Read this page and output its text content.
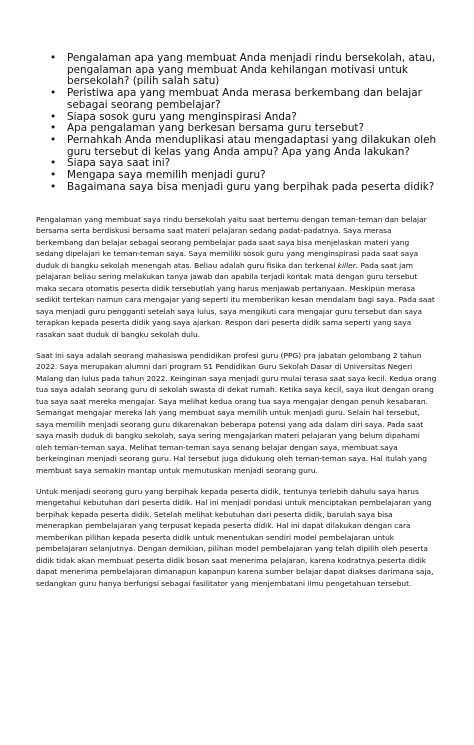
• Pengalaman apa yang membuat Anda menjadi rindu bersekolah, atau, pengalaman apa yang membuat Anda kehilangan motivasi untuk bersekolah? (pilih salah satu)
• Peristiwa apa yang membuat Anda merasa berkembang dan belajar sebagai seorang pembelajar?
• Siapa sosok guru yang menginspirasi Anda?
• Apa pengalaman yang berkesan bersama guru tersebut?
• Pernahkah Anda menduplikasi atau mengadaptasi yang dilakukan oleh guru tersebut di kelas yang Anda ampu? Apa yang Anda lakukan?
• Siapa saya saat ini?
• Mengapa saya memilih menjadi guru?
• Bagaimana saya bisa menjadi guru yang berpihak pada peserta didik?

Pengalaman yang membuat saya rindu bersekolah yaitu saat bertemu dengan teman-teman dan belajar bersama serta berdiskusi bersama saat materi pelajaran sedang padat-padatnya. Saya merasa berkembang dan belajar sebagai seorang pembelajar pada saat saya bisa menjelaskan materi yang sedang dipelajari ke teman-teman saya. Saya memiliki sosok guru yang menginspirasi pada saat saya duduk di bangku sekolah menengah atas. Beliau adalah guru fisika dan terkenal killer. Pada saat jam pelajaran beliau sering melakukan tanya jawab dan apabila terjadi kontak mata dengan guru tersebut maka secara otomatis peserta didik tersebutlah yang harus menjawab pertanyaan. Meskipun merasa sedikit tertekan namun cara mengajar yang seperti itu memberikan kesan mendalam bagi saya. Pada saat saya menjadi guru pengganti setelah saya lulus, saya mengikuti cara mengajar guru tersebut dan saya terapkan kepada peserta didik yang saya ajarkan. Respon dari peserta didik sama seperti yang saya rasakan saat duduk di bangku sekolah dulu.

Saat ini saya adalah seorang mahasiswa pendidikan profesi guru (PPG) pra jabatan gelombang 2 tahun 2022. Saya merupakan alumni dari program S1 Pendidikan Guru Sekolah Dasar di Universitas Negeri Malang dan lulus pada tahun 2022. Keinginan saya menjadi guru mulai terasa saat saya kecil. Kedua orang tua saya adalah seorang guru di sekolah swasta di dekat rumah. Ketika saya kecil, saya ikut dengan orang tua saya saat mereka mengajar. Saya melihat kedua orang tua saya mengajar dengan penuh kesabaran. Semangat mengajar mereka lah yang membuat saya memilih untuk menjadi guru. Selain hal tersebut, saya memilih menjadi seorang guru dikarenakan beberapa potensi yang ada dalam diri saya. Pada saat saya masih duduk di bangku sekolah, saya sering mengajarkan materi pelajaran yang belum dipahami oleh teman-teman saya. Melihat teman-teman saya senang belajar dengan saya, membuat saya berkeinginan menjadi seorang guru. Hal tersebut juga didukung oleh teman-teman saya. Hal itulah yang membuat saya semakin mantap untuk memutuskan menjadi seorang guru.

Untuk menjadi seorang guru yang berpihak kepada peserta didik, tentunya terlebih dahulu saya harus mengetahui kebutuhan dari peserta didik. Hal ini menjadi pondasi untuk menciptakan pembelajaran yang berpihak kepada peserta didik. Setelah melihat kebutuhan dari peserta didik, barulah saya bisa menerapkan pembelajaran yang terpusat kepada peserta didik. Hal ini dapat dilakukan dengan cara memberikan pilihan kepada peserta didik untuk menentukan sendiri model pembelajaran untuk pembelajaran selanjutnya. Dengan demikian, pilihan model pembelajaran yang telah dipilih oleh peserta didik tidak akan membuat peserta didik bosan saat menerima pelajaran, karena kodratnya peserta didik dapat menerima pembelajaran dimanapun kapanpun karena sumber belajar dapat diakses darimana saja, sedangkan guru hanya berfungsi sebagai fasilitator yang menjembatani ilmu pengetahuan tersebut.
